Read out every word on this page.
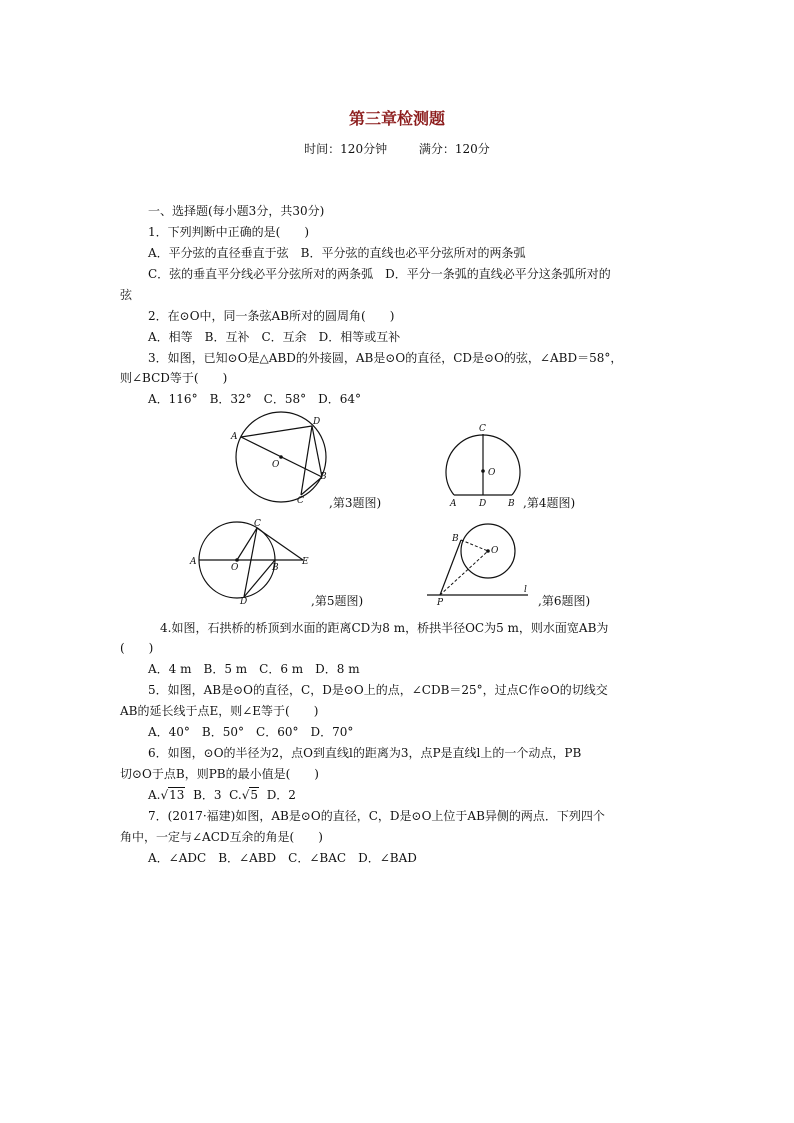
第三章检测题
时间：120分钟	满分：120分
一、选择题(每小题3分，共30分)
1．下列判断中正确的是(　　)
A．平分弦的直径垂直于弦　B．平分弦的直线也必平分弦所对的两条弧
C．弦的垂直平分线必平分弦所对的两条弧　D．平分一条弧的直线必平分这条弧所对的
弦
2．在⊙O中，同一条弦AB所对的圆周角(　　)
A．相等　B．互补　C．互余　D．相等或互补
3．如图，已知⊙O是△ABD的外接圆，AB是⊙O的直径，CD是⊙O的弦，∠ABD＝58°，
则∠BCD等于(　　)
A．116°　B．32°　C．58°　D．64°
A
D
O
B
C ,第3题图)
C
O
A	D B ,第4题图)
A
C
O	B
E
D	,第5题图)
B
O
P
l
,第6题图)
4.如图，石拱桥的桥顶到水面的距离CD为8 m，桥拱半径OC为5 m，则水面宽AB为
(　　)
A．4 m　B．5 m　C．6 m　D．8 m
5．如图，AB是⊙O的直径，C，D是⊙O上的点，∠CDB＝25°，过点C作⊙O的切线交
AB的延长线于点E，则∠E等于(　　)
A．40°　B．50°　C．60°　D．70°
6．如图，⊙O的半径为2，点O到直线l的距离为3，点P是直线l上的一个动点，PB
切⊙O于点B，则PB的最小值是(　　)
A.√13 B．3 C.√5 D．2
7．(2017·福建)如图，AB是⊙O的直径，C，D是⊙O上位于AB异侧的两点．下列四个
角中，一定与∠ACD互余的角是(　　)
A．∠ADC　B．∠ABD　C．∠BAC　D．∠BAD
